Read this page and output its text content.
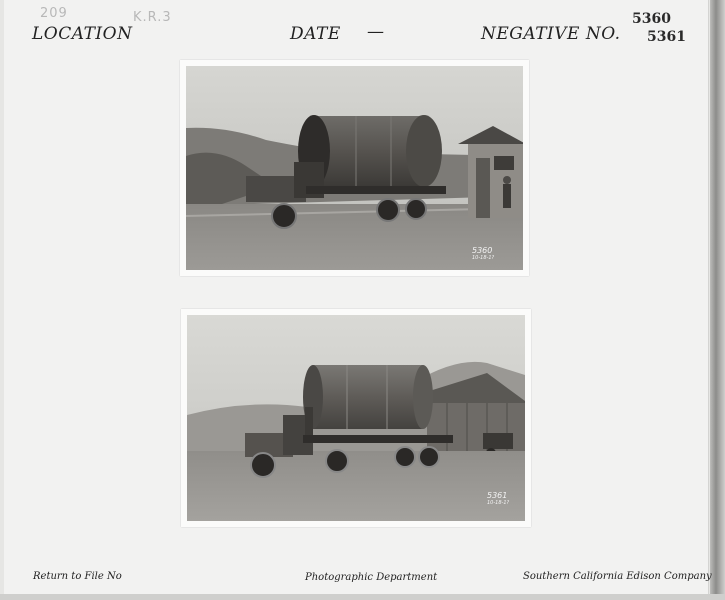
209	K.R.3
LOCATION	DATE —	NEGATIVE NO.
5360
5361
5360
10-18-1?
5361
10-18-1?
Return to File No	Photographic Department	Southern California Edison Company
